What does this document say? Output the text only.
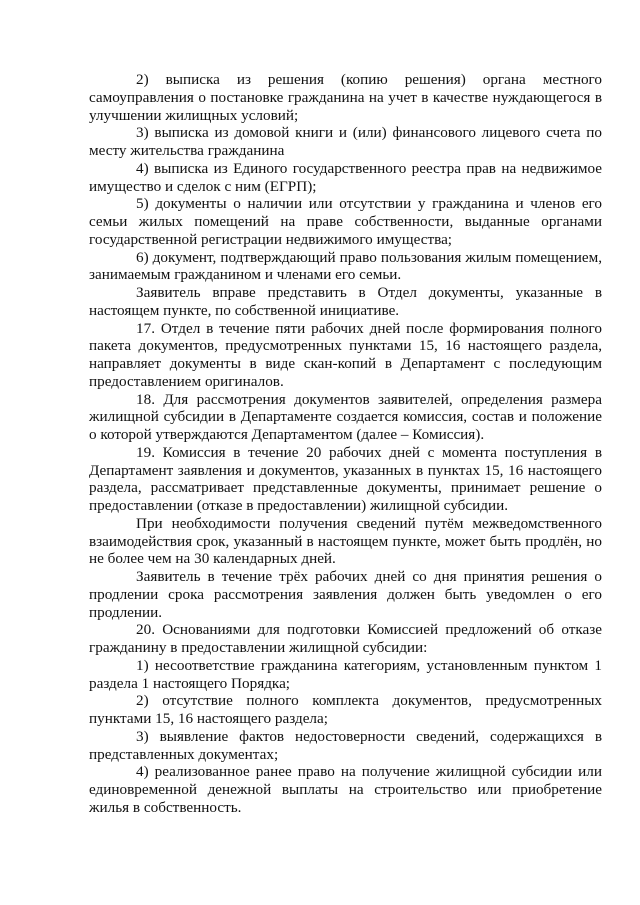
2) выписка из решения (копию решения) органа местного самоуправления о постановке гражданина на учет в качестве нуждающегося в улучшении жилищных условий;

3) выписка из домовой книги и (или) финансового лицевого счета по месту жительства гражданина

4) выписка из Единого государственного реестра прав на недвижимое имущество и сделок с ним (ЕГРП);

5) документы о наличии или отсутствии у гражданина и членов его семьи жилых помещений на праве собственности, выданные органами государственной регистрации недвижимого имущества;

6) документ, подтверждающий право пользования жилым помещением, занимаемым гражданином и членами его семьи.

Заявитель вправе представить в Отдел документы, указанные в настоящем пункте, по собственной инициативе.

17. Отдел в течение пяти рабочих дней после формирования полного пакета документов, предусмотренных пунктами 15, 16 настоящего раздела, направляет документы в виде скан-копий в Департамент с последующим предоставлением оригиналов.

18. Для рассмотрения документов заявителей, определения размера жилищной субсидии в Департаменте создается комиссия, состав и положение о которой утверждаются Департаментом (далее – Комиссия).

19. Комиссия в течение 20 рабочих дней с момента поступления в Департамент заявления и документов, указанных в пунктах 15, 16 настоящего раздела, рассматривает представленные документы, принимает решение о предоставлении (отказе в предоставлении) жилищной субсидии.

При необходимости получения сведений путём межведомственного взаимодействия срок, указанный в настоящем пункте, может быть продлён, но не более чем на 30 календарных дней.

Заявитель в течение трёх рабочих дней со дня принятия решения о продлении срока рассмотрения заявления должен быть уведомлен о его продлении.

20. Основаниями для подготовки Комиссией предложений об отказе гражданину в предоставлении жилищной субсидии:

1) несоответствие гражданина категориям, установленным пунктом 1 раздела 1 настоящего Порядка;

2) отсутствие полного комплекта документов, предусмотренных пунктами 15, 16 настоящего раздела;

3) выявление фактов недостоверности сведений, содержащихся в представленных документах;

4) реализованное ранее право на получение жилищной субсидии или единовременной денежной выплаты на строительство или приобретение жилья в собственность.
